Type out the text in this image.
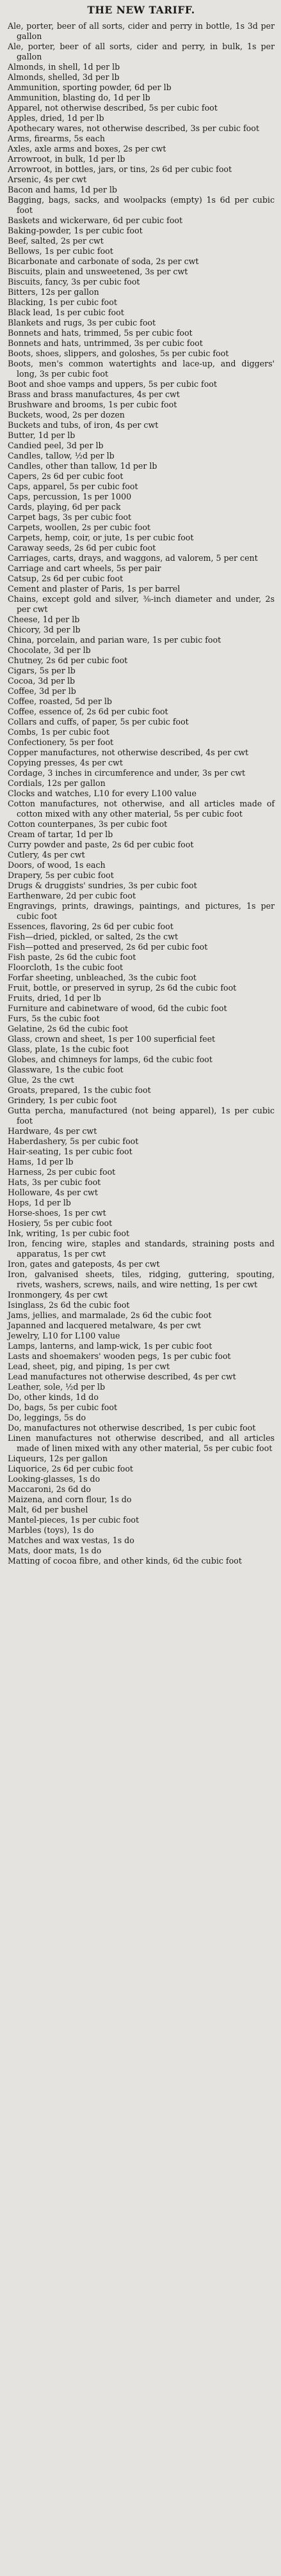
THE NEW TARIFF.
Ale, porter, beer of all sorts, cider and perry in bottle, 1s 3d per gallon
Ale, porter, beer of all sorts, cider and perry, in bulk, 1s per gallon
Almonds, in shell, 1d per lb
Almonds, shelled, 3d per lb
Ammunition, sporting powder, 6d per lb
Ammunition, blasting do, 1d per lb
Apparel, not otherwise described, 5s per cubic foot
Apples, dried, 1d per lb
Apothecary wares, not otherwise described, 3s per cubic foot
Arms, firearms, 5s each
Axles, axle arms and boxes, 2s per cwt
Arrowroot, in bulk, 1d per lb
Arrowroot, in bottles, jars, or tins, 2s 6d per cubic foot
Arsenic, 4s per cwt
Bacon and hams, 1d per lb
Bagging, bags, sacks, and woolpacks (empty) 1s 6d per cubic foot
Baskets and wickerware, 6d per cubic foot
Baking-powder, 1s per cubic foot
Beef, salted, 2s per cwt
Bellows, 1s per cubic foot
Bicarbonate and carbonate of soda, 2s per cwt
Biscuits, plain and unsweetened, 3s per cwt
Biscuits, fancy, 3s per cubic foot
Bitters, 12s per gallon
Blacking, 1s per cubic foot
Black lead, 1s per cubic foot
Blankets and rugs, 3s per cubic foot
Bonnets and hats, trimmed, 5s per cubic foot
Bonnets and hats, untrimmed, 3s per cubic foot
Boots, shoes, slippers, and goloshes, 5s per cubic foot
Boots, men's common watertights and lace-up, and diggers' long, 3s per cubic foot
Boot and shoe vamps and uppers, 5s per cubic foot
Brass and brass manufactures, 4s per cwt
Brushware and brooms, 1s per cubic foot
Buckets, wood, 2s per dozen
Buckets and tubs, of iron, 4s per cwt
Butter, 1d per lb
Candied peel, 3d per lb
Candles, tallow, ½d per lb
Candles, other than tallow, 1d per lb
Capers, 2s 6d per cubic foot
Caps, apparel, 5s per cubic foot
Caps, percussion, 1s per 1000
Cards, playing, 6d per pack
Carpet bags, 3s per cubic foot
Carpets, woollen, 2s per cubic foot
Carpets, hemp, coir, or jute, 1s per cubic foot
Caraway seeds, 2s 6d per cubic foot
Carriages, carts, drays, and waggons, ad valorem, 5 per cent
Carriage and cart wheels, 5s per pair
Catsup, 2s 6d per cubic foot
Cement and plaster of Paris, 1s per barrel
Chains, except gold and silver, ⅜-inch diameter and under, 2s per cwt
Cheese, 1d per lb
Chicory, 3d per lb
China, porcelain, and parian ware, 1s per cubic foot
Chocolate, 3d per lb
Chutney, 2s 6d per cubic foot
Cigars, 5s per lb
Cocoa, 3d per lb
Coffee, 3d per lb
Coffee, roasted, 5d per lb
Coffee, essence of, 2s 6d per cubic foot
Collars and cuffs, of paper, 5s per cubic foot
Combs, 1s per cubic foot
Confectionery, 5s per foot
Copper manufactures, not otherwise described, 4s per cwt
Copying presses, 4s per cwt
Cordage, 3 inches in circumference and under, 3s per cwt
Cordials, 12s per gallon
Clocks and watches, L10 for every L100 value
Cotton manufactures, not otherwise, and all articles made of cotton mixed with any other material, 5s per cubic foot
Cotton counterpanes, 3s per cubic foot
Cream of tartar, 1d per lb
Curry powder and paste, 2s 6d per cubic foot
Cutlery, 4s per cwt
Doors, of wood, 1s each
Drapery, 5s per cubic foot
Drugs & druggists' sundries, 3s per cubic foot
Earthenware, 2d per cubic foot
Engravings, prints, drawings, paintings, and pictures, 1s per cubic foot
Essences, flavoring, 2s 6d per cubic foot
Fish—dried, pickled, or salted, 2s the cwt
Fish—potted and preserved, 2s 6d per cubic foot
Fish paste, 2s 6d the cubic foot
Floorcloth, 1s the cubic foot
Forfar sheeting, unbleached, 3s the cubic foot
Fruit, bottle, or preserved in syrup, 2s 6d the cubic foot
Fruits, dried, 1d per lb
Furniture and cabinetware of wood, 6d the cubic foot
Furs, 5s the cubic foot
Gelatine, 2s 6d the cubic foot
Glass, crown and sheet, 1s per 100 superficial feet
Glass, plate, 1s the cubic foot
Globes, and chimneys for lamps, 6d the cubic foot
Glassware, 1s the cubic foot
Glue, 2s the cwt
Groats, prepared, 1s the cubic foot
Grindery, 1s per cubic foot
Gutta percha, manufactured (not being apparel), 1s per cubic foot
Hardware, 4s per cwt
Haberdashery, 5s per cubic foot
Hair-seating, 1s per cubic foot
Hams, 1d per lb
Harness, 2s per cubic foot
Hats, 3s per cubic foot
Holloware, 4s per cwt
Hops, 1d per lb
Horse-shoes, 1s per cwt
Hosiery, 5s per cubic foot
Ink, writing, 1s per cubic foot
Iron, fencing wire, staples and standards, straining posts and apparatus, 1s per cwt
Iron, gates and gateposts, 4s per cwt
Iron, galvanised sheets, tiles, ridging, guttering, spouting, rivets, washers, screws, nails, and wire netting, 1s per cwt
Ironmongery, 4s per cwt
Isinglass, 2s 6d the cubic foot
Jams, jellies, and marmalade, 2s 6d the cubic foot
Japanned and lacquered metalware, 4s per cwt
Jewelry, L10 for L100 value
Lamps, lanterns, and lamp-wick, 1s per cubic foot
Lasts and shoemakers' wooden pegs, 1s per cubic foot
Lead, sheet, pig, and piping, 1s per cwt
Lead manufactures not otherwise described, 4s per cwt
Leather, sole, ½d per lb
Do, other kinds, 1d do
Do, bags, 5s per cubic foot
Do, leggings, 5s do
Do, manufactures not otherwise described, 1s per cubic foot
Linen manufactures not otherwise described, and all articles made of linen mixed with any other material, 5s per cubic foot
Liqueurs, 12s per gallon
Liquorice, 2s 6d per cubic foot
Looking-glasses, 1s do
Maccaroni, 2s 6d do
Maizena, and corn flour, 1s do
Malt, 6d per bushel
Mantel-pieces, 1s per cubic foot
Marbles (toys), 1s do
Matches and wax vestas, 1s do
Mats, door mats, 1s do
Matting of cocoa fibre, and other kinds, 6d the cubic foot
